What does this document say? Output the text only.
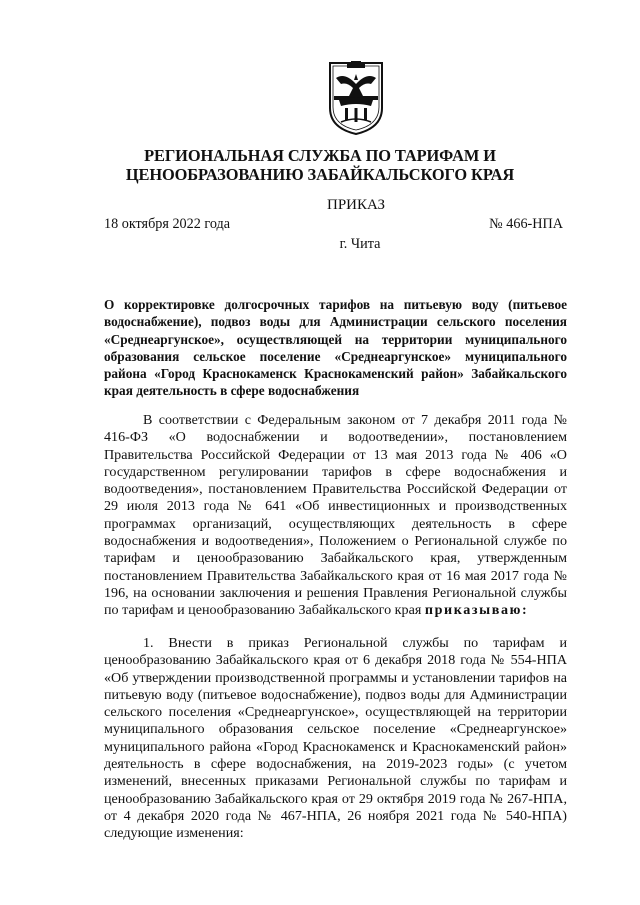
РЕГИОНАЛЬНАЯ СЛУЖБА ПО ТАРИФАМ И
ЦЕНООБРАЗОВАНИЮ ЗАБАЙКАЛЬСКОГО КРАЯ
ПРИКАЗ
18 октября 2022 года	№ 466-НПА
г. Чита
О корректировке долгосрочных тарифов на питьевую воду (питьевое водоснабжение), подвоз воды для Администрации сельского поселения «Среднеаргунское», осуществляющей на территории муниципального образования сельское поселение «Среднеаргунское» муниципального района «Город Краснокаменск Краснокаменский район» Забайкальского края деятельность в сфере водоснабжения
В соответствии с Федеральным законом от 7 декабря 2011 года № 416-ФЗ «О водоснабжении и водоотведении», постановлением Правительства Российской Федерации от 13 мая 2013 года № 406 «О государственном регулировании тарифов в сфере водоснабжения и водоотведения», постановлением Правительства Российской Федерации от 29 июля 2013 года № 641 «Об инвестиционных и производственных программах организаций, осуществляющих деятельность в сфере водоснабжения и водоотведения», Положением о Региональной службе по тарифам и ценообразованию Забайкальского края, утвержденным постановлением Правительства Забайкальского края от 16 мая 2017 года № 196, на основании заключения и решения Правления Региональной службы по тарифам и ценообразованию Забайкальского края приказываю:
1. Внести в приказ Региональной службы по тарифам и ценообразованию Забайкальского края от 6 декабря 2018 года № 554-НПА «Об утверждении производственной программы и установлении тарифов на питьевую воду (питьевое водоснабжение), подвоз воды для Администрации сельского поселения «Среднеаргунское», осуществляющей на территории муниципального образования сельское поселение «Среднеаргунское» муниципального района «Город Краснокаменск и Краснокаменский район» деятельность в сфере водоснабжения, на 2019-2023 годы» (с учетом изменений, внесенных приказами Региональной службы по тарифам и ценообразованию Забайкальского края от 29 октября 2019 года № 267-НПА, от 4 декабря 2020 года № 467-НПА, 26 ноября 2021 года № 540-НПА) следующие изменения:
